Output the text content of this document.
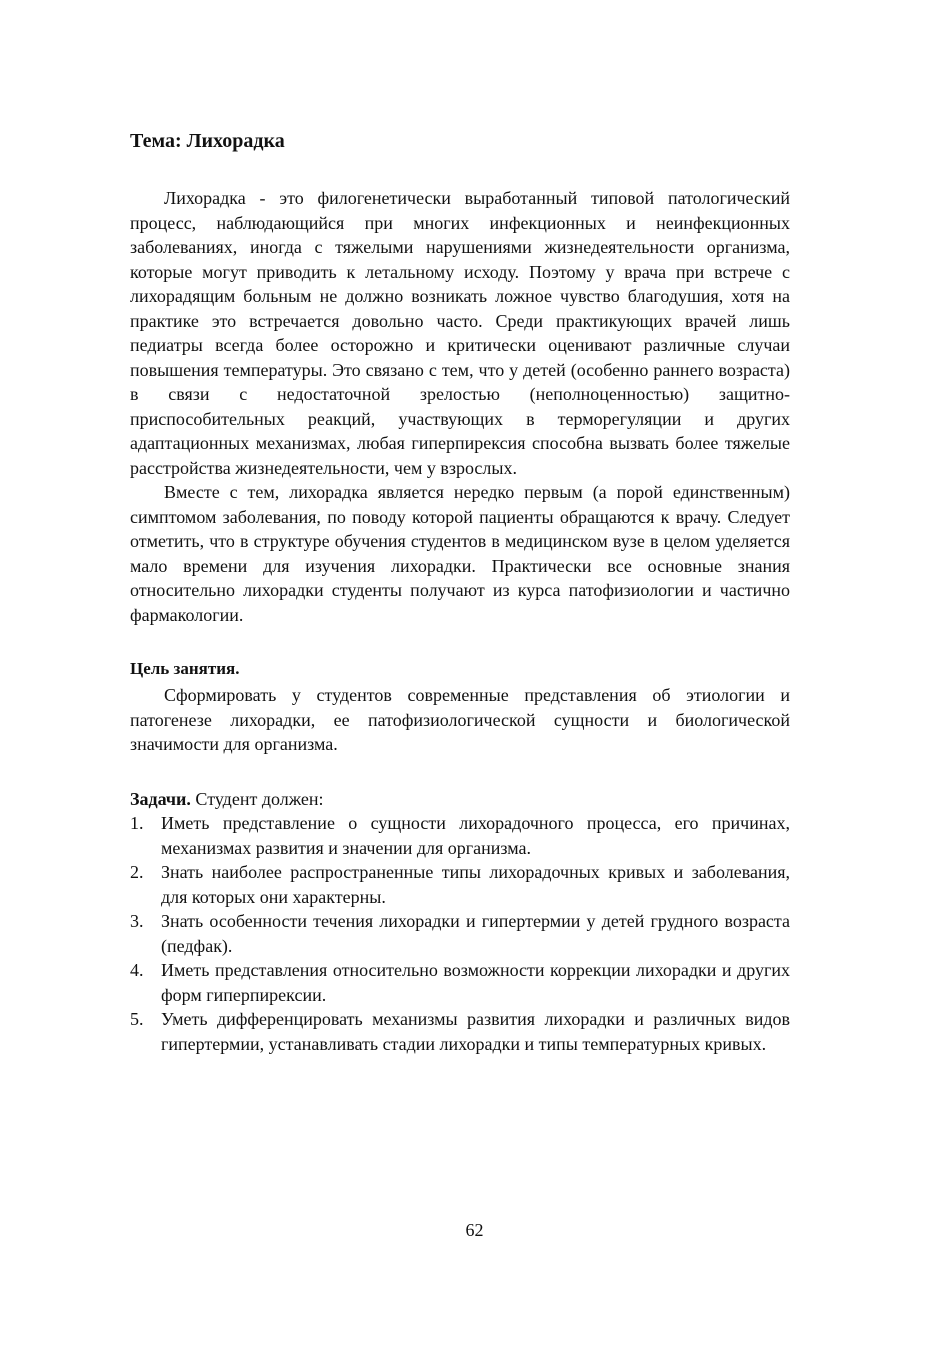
Тема: Лихорадка

Лихорадка - это филогенетически выработанный типовой патологический процесс, наблюдающийся при многих инфекционных и неинфекционных заболеваниях, иногда с тяжелыми нарушениями жизнедеятельности организма, которые могут приводить к летальному исходу. Поэтому у врача при встрече с лихорадящим больным не должно возникать ложное чувство благодушия, хотя на практике это встречается довольно часто. Среди практикующих врачей лишь педиатры всегда более осторожно и критически оценивают различные случаи повышения температуры. Это связано с тем, что у детей (особенно раннего возраста) в связи с недостаточной зрелостью (неполноценностью) защитно-приспособительных реакций, участвующих в терморегуляции и других адаптационных механизмах, любая гиперпирексия способна вызвать более тяжелые расстройства жизнедеятельности, чем у взрослых.

Вместе с тем, лихорадка является нередко первым (а порой единственным) симптомом заболевания, по поводу которой пациенты обращаются к врачу. Следует отметить, что в структуре обучения студентов в медицинском вузе в целом уделяется мало времени для изучения лихорадки. Практически все основные знания относительно лихорадки студенты получают из курса патофизиологии и частично фармакологии.

Цель занятия.

Сформировать у студентов современные представления об этиологии и патогенезе лихорадки, ее патофизиологической сущности и биологической значимости для организма.

Задачи. Студент должен:
1. Иметь представление о сущности лихорадочного процесса, его причинах, механизмах развития и значении для организма.
2. Знать наиболее распространенные типы лихорадочных кривых и заболевания, для которых они характерны.
3. Знать особенности течения лихорадки и гипертермии у детей грудного возраста (педфак).
4. Иметь представления относительно возможности коррекции лихорадки и других форм гиперпирексии.
5. Уметь дифференцировать механизмы развития лихорадки и различных видов гипертермии, устанавливать стадии лихорадки и типы температурных кривых.
62
